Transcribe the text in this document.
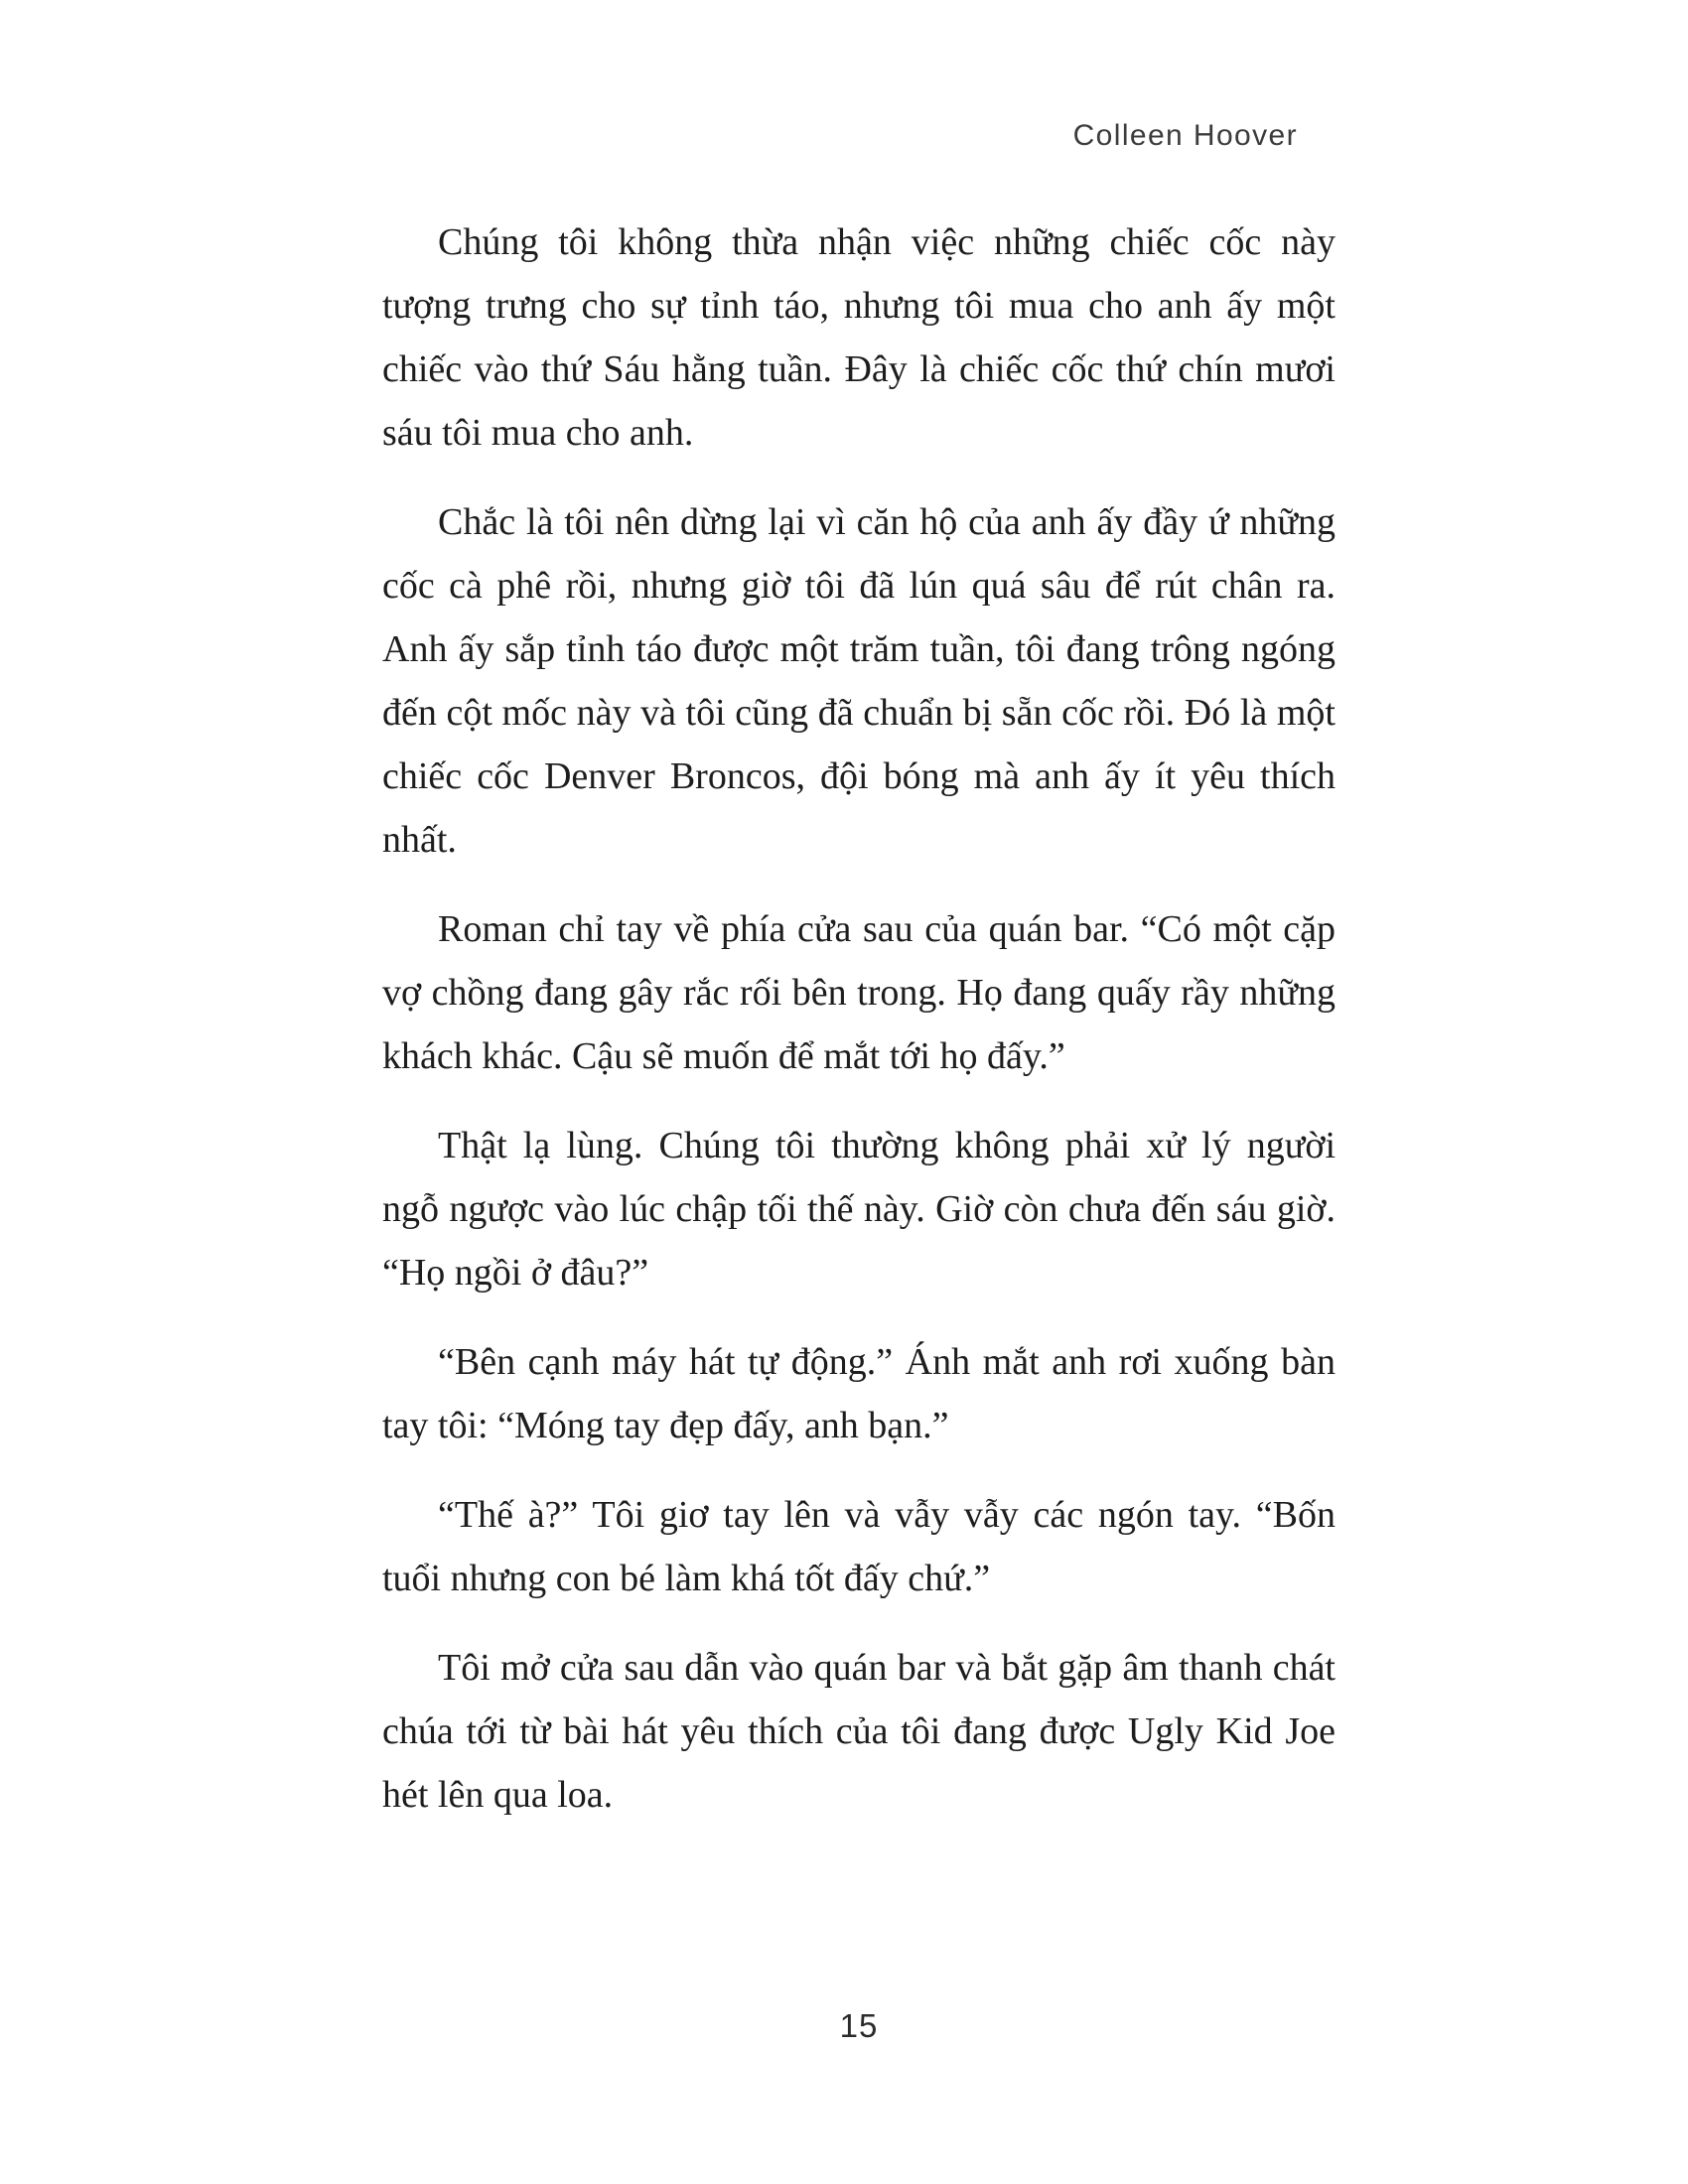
Colleen Hoover

Chúng tôi không thừa nhận việc những chiếc cốc này tượng trưng cho sự tỉnh táo, nhưng tôi mua cho anh ấy một chiếc vào thứ Sáu hằng tuần. Đây là chiếc cốc thứ chín mươi sáu tôi mua cho anh.

Chắc là tôi nên dừng lại vì căn hộ của anh ấy đầy ứ những cốc cà phê rồi, nhưng giờ tôi đã lún quá sâu để rút chân ra. Anh ấy sắp tỉnh táo được một trăm tuần, tôi đang trông ngóng đến cột mốc này và tôi cũng đã chuẩn bị sẵn cốc rồi. Đó là một chiếc cốc Denver Broncos, đội bóng mà anh ấy ít yêu thích nhất.

Roman chỉ tay về phía cửa sau của quán bar. “Có một cặp vợ chồng đang gây rắc rối bên trong. Họ đang quấy rầy những khách khác. Cậu sẽ muốn để mắt tới họ đấy.”

Thật lạ lùng. Chúng tôi thường không phải xử lý người ngỗ ngược vào lúc chập tối thế này. Giờ còn chưa đến sáu giờ. “Họ ngồi ở đâu?”

“Bên cạnh máy hát tự động.” Ánh mắt anh rơi xuống bàn tay tôi: “Móng tay đẹp đấy, anh bạn.”

“Thế à?” Tôi giơ tay lên và vẫy vẫy các ngón tay. “Bốn tuổi nhưng con bé làm khá tốt đấy chứ.”

Tôi mở cửa sau dẫn vào quán bar và bắt gặp âm thanh chát chúa tới từ bài hát yêu thích của tôi đang được Ugly Kid Joe hét lên qua loa.

15
